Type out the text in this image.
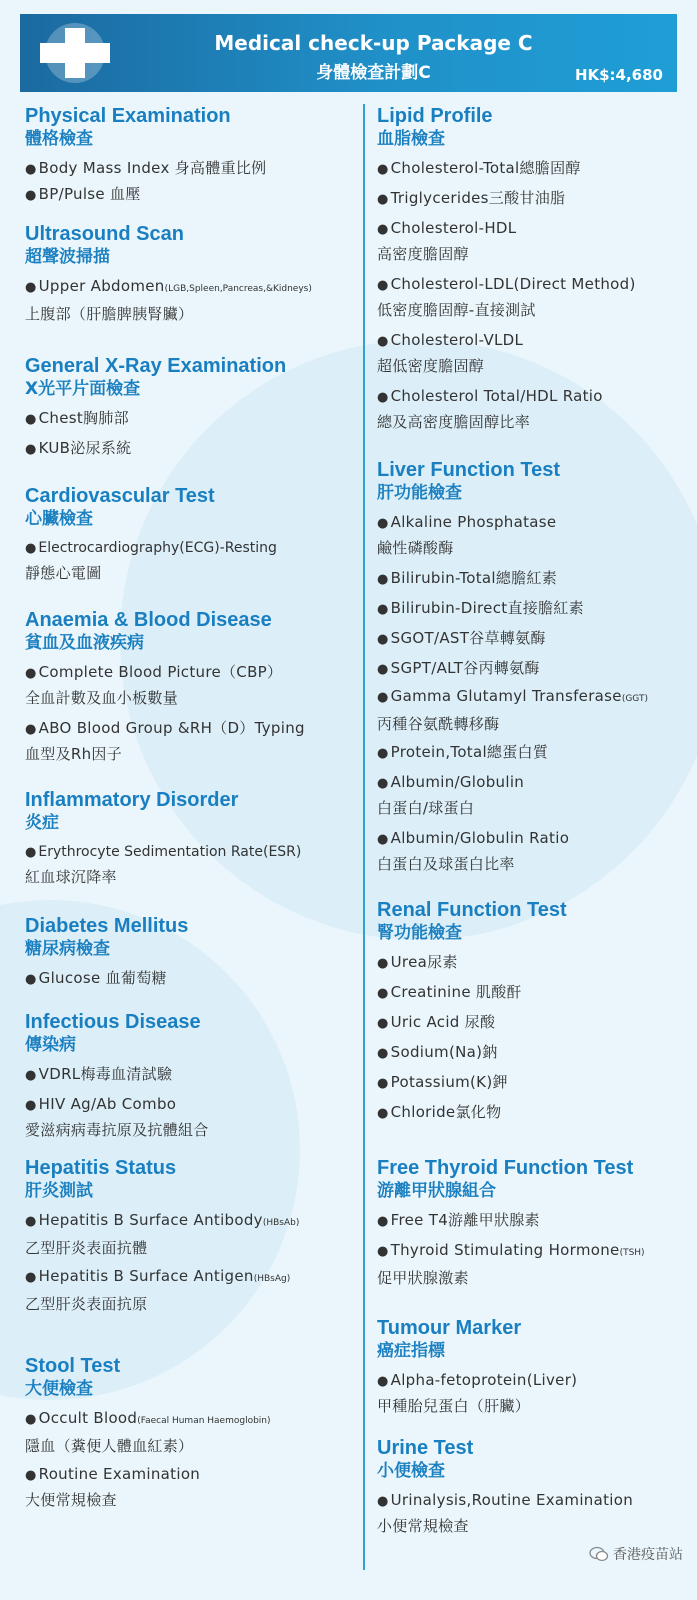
Medical check-up Package C
身體檢查計劃C	HK$:4,680
Physical Examination
體格檢查
● Body Mass Index 身高體重比例
● BP/Pulse 血壓
Ultrasound Scan
超聲波掃描
● Upper Abdomen(LGB,Spleen,Pancreas,&Kidneys)
上腹部（肝膽脾胰腎臟）
General X-Ray Examination
X光平片面檢查
● Chest胸肺部
● KUB泌尿系統
Cardiovascular Test
心臟檢查
● Electrocardiography(ECG)-Resting
靜態心電圖
Anaemia & Blood Disease
貧血及血液疾病
● Complete Blood Picture（CBP）
全血計數及血小板數量
● ABO Blood Group &RH（D）Typing
血型及Rh因子
Inflammatory Disorder
炎症
● Erythrocyte Sedimentation Rate(ESR)
紅血球沉降率
Diabetes Mellitus
糖尿病檢查
● Glucose 血葡萄糖
Infectious Disease
傳染病
● VDRL梅毒血清試驗
● HIV Ag/Ab Combo
愛滋病病毒抗原及抗體組合
Hepatitis Status
肝炎測試
● Hepatitis B Surface Antibody(HBsAb)
乙型肝炎表面抗體
● Hepatitis B Surface Antigen(HBsAg)
乙型肝炎表面抗原
Stool Test
大便檢查
● Occult Blood(Faecal Human Haemoglobin)
隱血（糞便人體血紅素）
● Routine Examination
大便常規檢查
Lipid Profile
血脂檢查
● Cholesterol-Total總膽固醇
● Triglycerides三酸甘油脂
● Cholesterol-HDL
高密度膽固醇
● Cholesterol-LDL(Direct Method)
低密度膽固醇-直接測試
● Cholesterol-VLDL
超低密度膽固醇
● Cholesterol Total/HDL Ratio
總及高密度膽固醇比率
Liver Function Test
肝功能檢查
● Alkaline Phosphatase
鹼性磷酸酶
● Bilirubin-Total總膽紅素
● Bilirubin-Direct直接膽紅素
● SGOT/AST谷草轉氨酶
● SGPT/ALT谷丙轉氨酶
● Gamma Glutamyl Transferase(GGT)
丙種谷氨酰轉移酶
● Protein,Total總蛋白質
● Albumin/Globulin
白蛋白/球蛋白
● Albumin/Globulin Ratio
白蛋白及球蛋白比率
Renal Function Test
腎功能檢查
● Urea尿素
● Creatinine 肌酸酐
● Uric Acid 尿酸
● Sodium(Na)鈉
● Potassium(K)鉀
● Chloride氯化物
Free Thyroid Function Test
游離甲狀腺組合
● Free T4游離甲狀腺素
● Thyroid Stimulating Hormone(TSH)
促甲狀腺激素
Tumour Marker
癌症指標
● Alpha-fetoprotein(Liver)
甲種胎兒蛋白（肝臟）
Urine Test
小便檢查
● Urinalysis,Routine Examination
小便常規檢查
香港疫苗站
